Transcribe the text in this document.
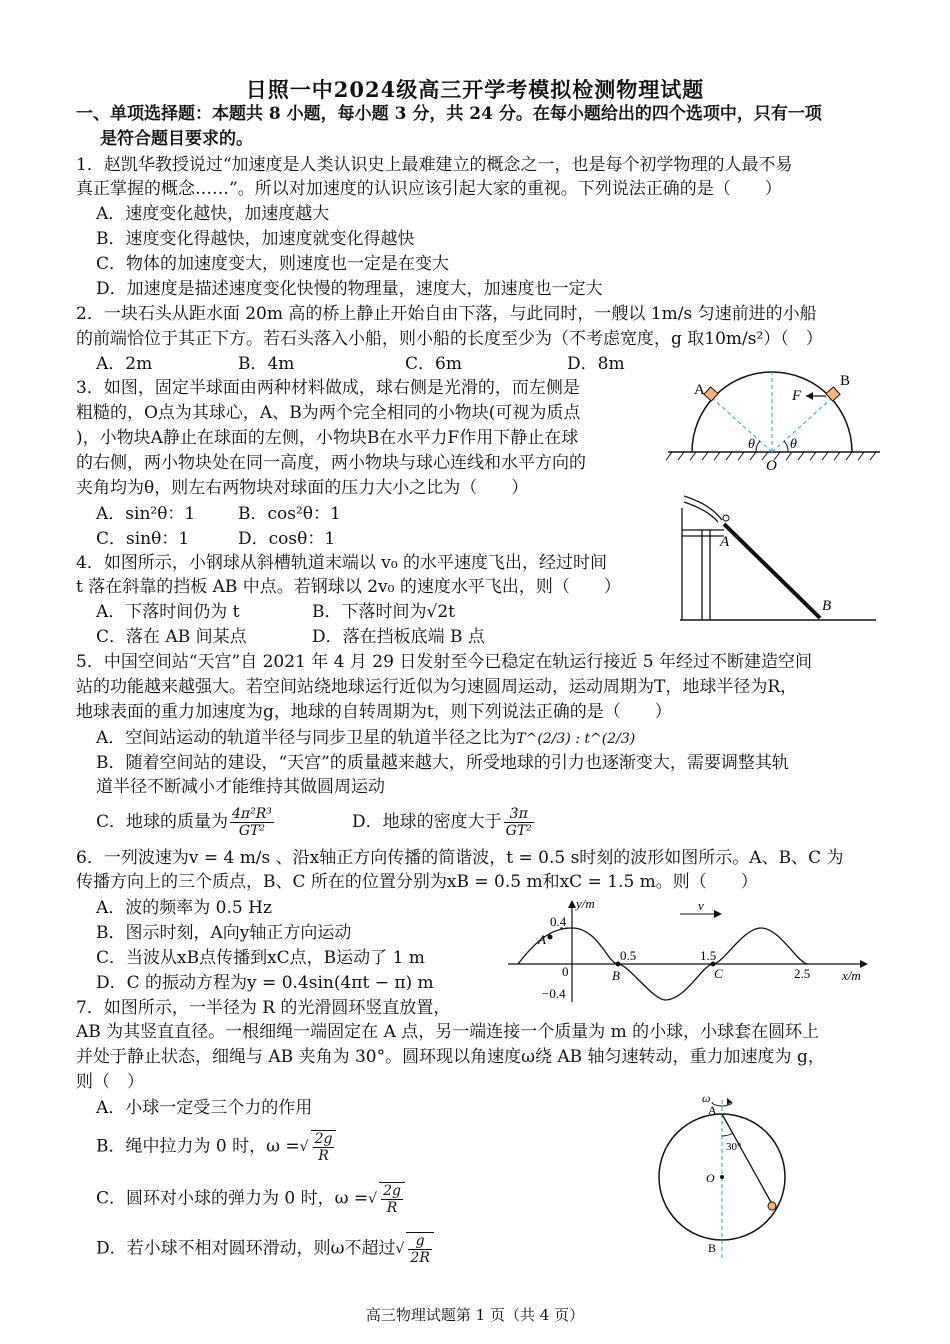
日照一中2024级高三开学考模拟检测物理试题
一、单项选择题：本题共 8 小题，每小题 3 分，共 24 分。在每小题给出的四个选项中，只有一项
是符合题目要求的。
1．赵凯华教授说过“加速度是人类认识史上最难建立的概念之一，也是每个初学物理的人最不易
真正掌握的概念……”。所以对加速度的认识应该引起大家的重视。下列说法正确的是（　　）
A．速度变化越快，加速度越大
B．速度变化得越快，加速度就变化得越快
C．物体的加速度变大，则速度也一定是在变大
D．加速度是描述速度变化快慢的物理量，速度大，加速度也一定大
2．一块石头从距水面 20m 高的桥上静止开始自由下落，与此同时，一艘以 1m/s 匀速前进的小船
的前端恰位于其正下方。若石头落入小船，则小船的长度至少为（不考虑宽度，g 取10m/s²）（　）
A．2m	B．4m	C．6m	D．8m
3．如图，固定半球面由两种材料做成，球右侧是光滑的，而左侧是
粗糙的，O点为其球心，A、B为两个完全相同的小物块(可视为质点
)，小物块A静止在球面的左侧，小物块B在水平力F作用下静止在球
的右侧，两小物块处在同一高度，两小物块与球心连线和水平方向的
夹角均为θ，则左右两物块对球面的压力大小之比为（　　）
A．sin²θ：1	B．cos²θ：1
C．sinθ：1	D．cosθ：1
A
B
F
θ	θ
O
4．如图所示，小钢球从斜槽轨道末端以 v₀ 的水平速度飞出，经过时间
t 落在斜靠的挡板 AB 中点。若钢球以 2v₀ 的速度水平飞出，则（　　）
A．下落时间仍为 t	B．下落时间为√2t
C．落在 AB 间某点	D．落在挡板底端 B 点
A
B
5．中国空间站“天宫”自 2021 年 4 月 29 日发射至今已稳定在轨运行接近 5 年经过不断建造空间
站的功能越来越强大。若空间站绕地球运行近似为匀速圆周运动，运动周期为T，地球半径为R，
地球表面的重力加速度为g，地球的自转周期为t，则下列说法正确的是（　　）
A．空间站运动的轨道半径与同步卫星的轨道半径之比为T^(2/3) : t^(2/3)
B．随着空间站的建设，“天宫”的质量越来越大，所受地球的引力也逐渐变大，需要调整其轨
道半径不断减小才能维持其做圆周运动
C．地球的质量为 $\frac{\text{4π²R³}}{\text{GT²}}$	D．地球的密度大于 $\frac{3\pi}{\text{GT²}}$
6．一列波速为v = 4 m/s 、沿x轴正方向传播的简谐波，t = 0.5 s时刻的波形如图所示。A、B、C 为
传播方向上的三个质点，B、C 所在的位置分别为xB = 0.5 m和xC = 1.5 m。则（　　）
A．波的频率为 0.5 Hz
B．图示时刻，A向y轴正方向运动
C．当波从xB点传播到xC点，B运动了 1 m
D．C 的振动方程为y = 0.4sin(4πt − π) m
y/m
x/m
v
0.4
−0.4
0
0.5	1.5
2.5
A
B	C
7．如图所示，一半径为 R 的光滑圆环竖直放置，
AB 为其竖直直径。一根细绳一端固定在 A 点，另一端连接一个质量为 m 的小球，小球套在圆环上
并处于静止状态，细绳与 AB 夹角为 30°。圆环现以角速度ω绕 AB 轴匀速转动，重力加速度为 g，
则（　）
A．小球一定受三个力的作用
B．绳中拉力为 0 时，ω =√ $\frac{2g}{R}$
C．圆环对小球的弹力为 0 时，ω =√ $\frac{2g}{R}$
D．若小球不相对圆环滑动，则ω不超过√ $\frac{g}{2R}$
ω
A
B
O
30°
高三物理试题第 1 页（共 4 页）
